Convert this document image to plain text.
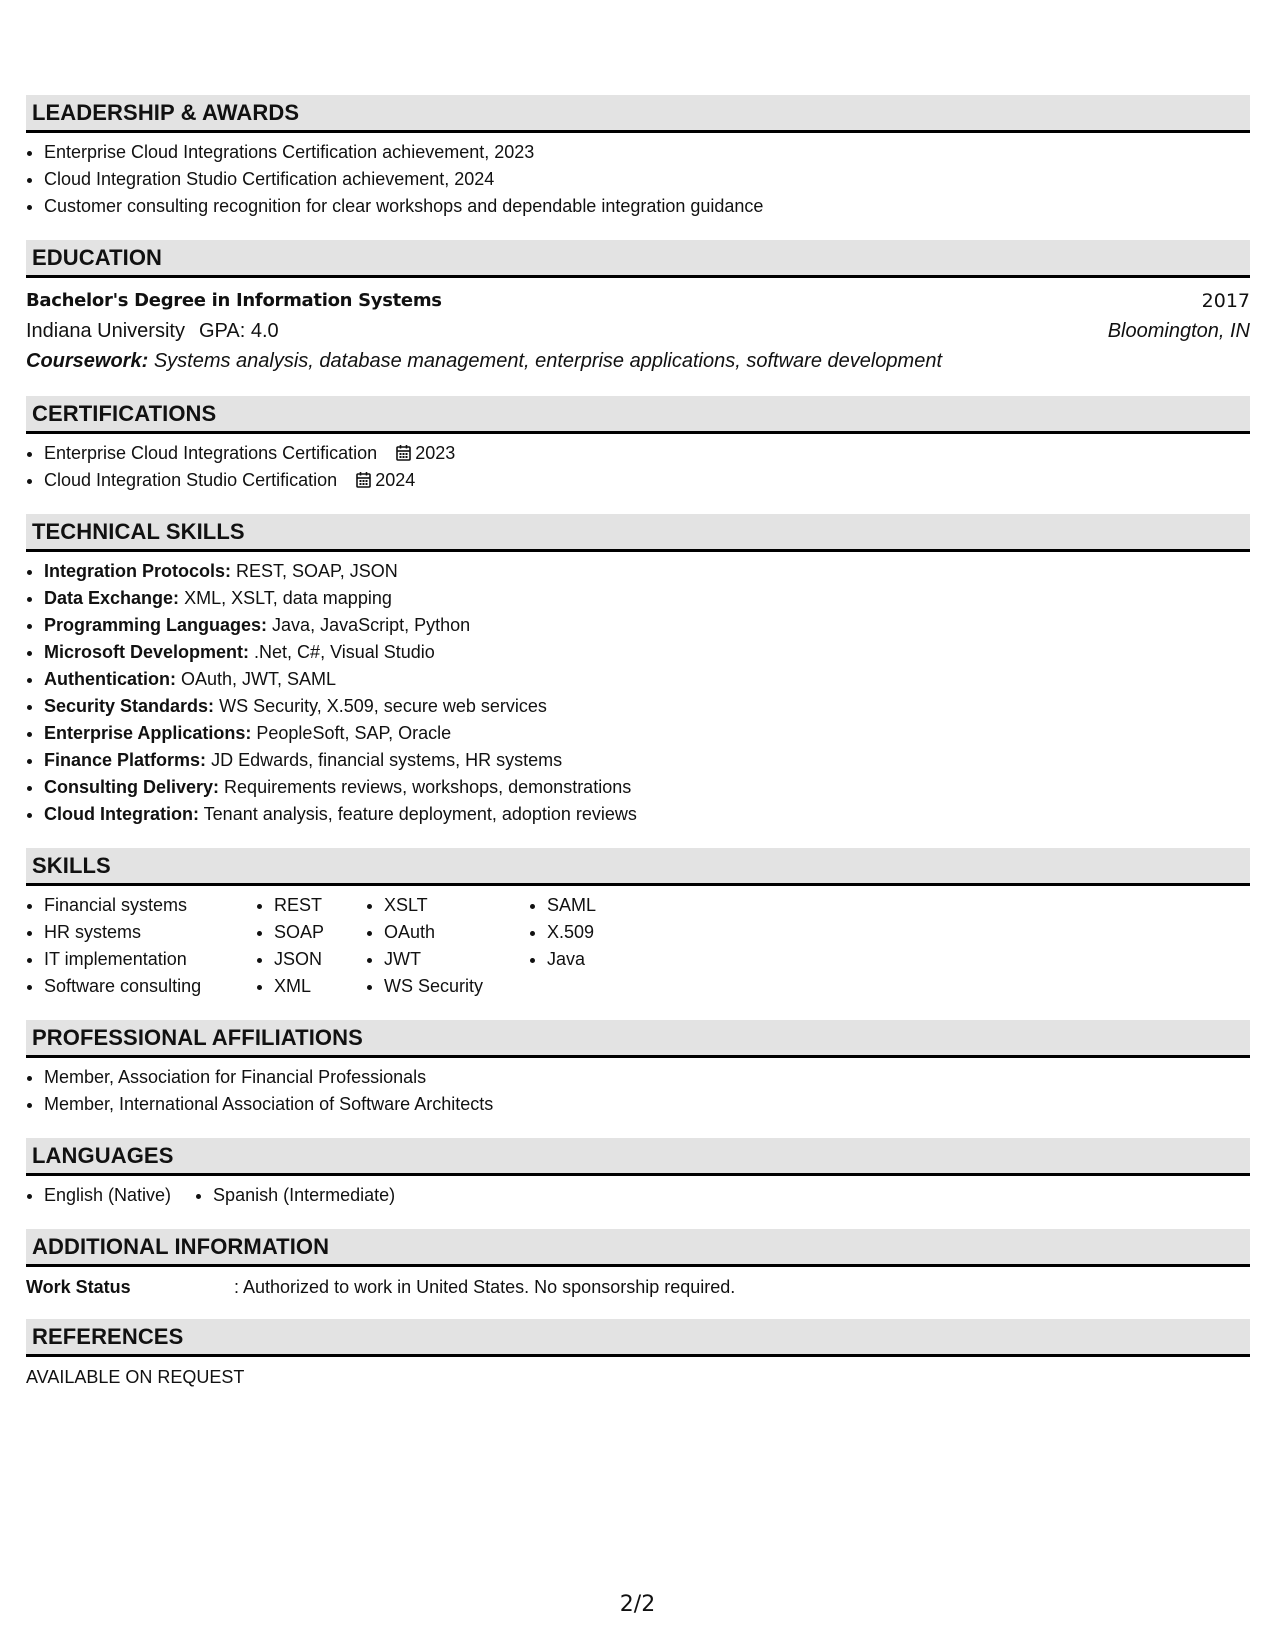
LEADERSHIP & AWARDS
• Enterprise Cloud Integrations Certification achievement, 2023
• Cloud Integration Studio Certification achievement, 2024
• Customer consulting recognition for clear workshops and dependable integration guidance
EDUCATION
Bachelor's Degree in Information Systems	2017
Indiana University GPA: 4.0	Bloomington, IN
Coursework: Systems analysis, database management, enterprise applications, software development
CERTIFICATIONS
• Enterprise Cloud Integrations Certification 2023
• Cloud Integration Studio Certification 2024
TECHNICAL SKILLS
• Integration Protocols: REST, SOAP, JSON
• Data Exchange: XML, XSLT, data mapping
• Programming Languages: Java, JavaScript, Python
• Microsoft Development: .Net, C#, Visual Studio
• Authentication: OAuth, JWT, SAML
• Security Standards: WS Security, X.509, secure web services
• Enterprise Applications: PeopleSoft, SAP, Oracle
• Finance Platforms: JD Edwards, financial systems, HR systems
• Consulting Delivery: Requirements reviews, workshops, demonstrations
• Cloud Integration: Tenant analysis, feature deployment, adoption reviews
SKILLS
• Financial systems
• HR systems
• IT implementation
• Software consulting
• REST
• SOAP
• JSON
• XML
• XSLT
• OAuth
• JWT
• WS Security
• SAML
• X.509
• Java
PROFESSIONAL AFFILIATIONS
• Member, Association for Financial Professionals
• Member, International Association of Software Architects
LANGUAGES
• English (Native)
• Spanish (Intermediate)
ADDITIONAL INFORMATION
Work Status	: Authorized to work in United States. No sponsorship required.
REFERENCES
AVAILABLE ON REQUEST
2/2
